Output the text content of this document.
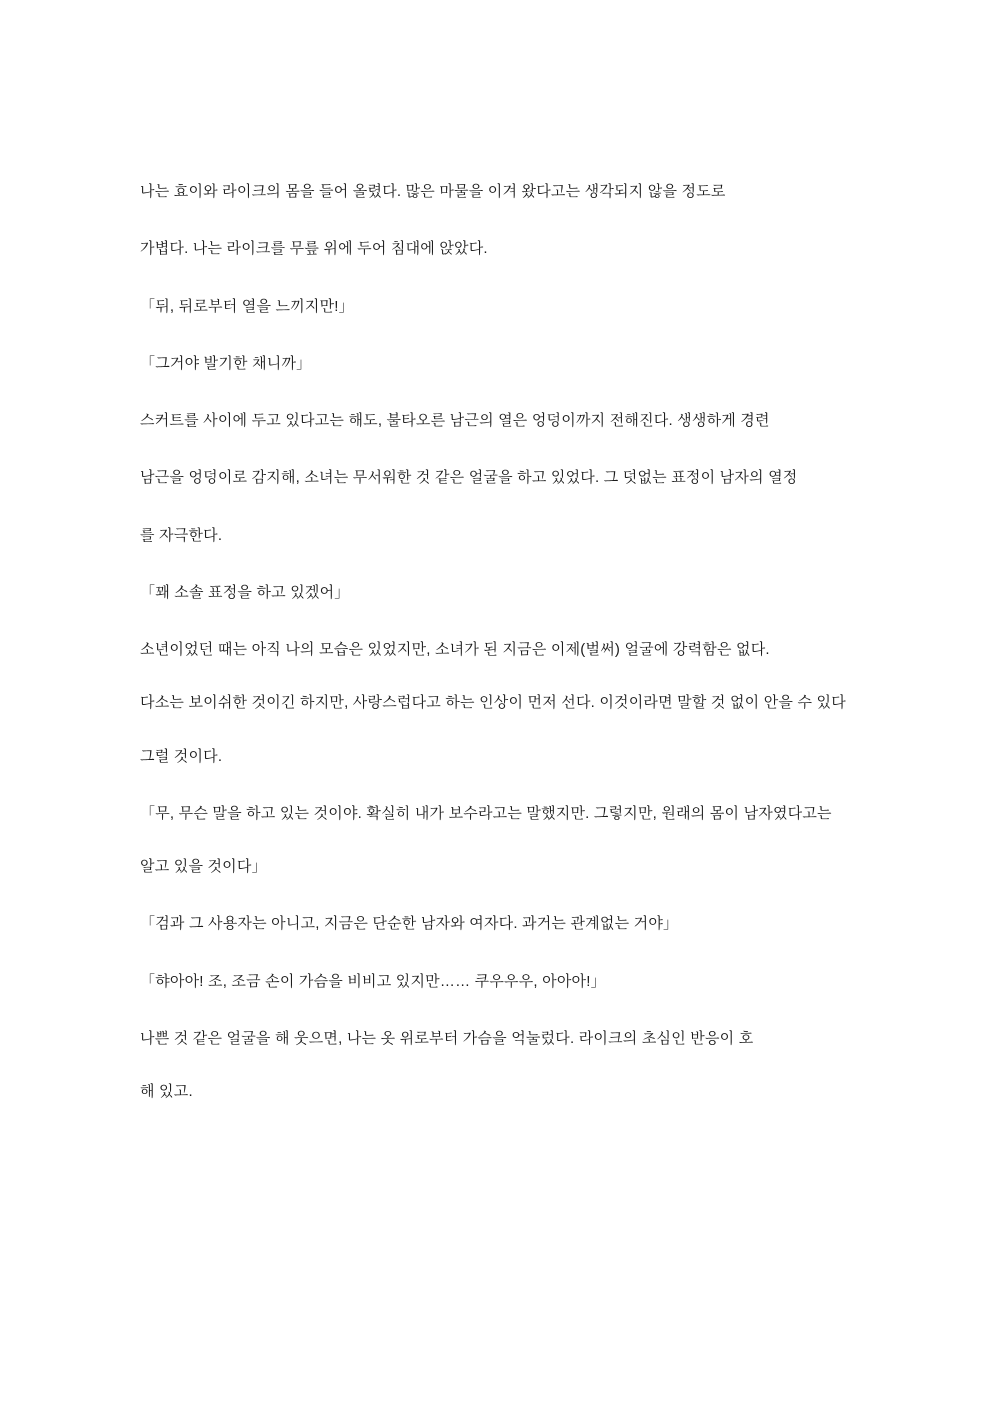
나는 효이와 라이크의 몸을 들어 올렸다. 많은 마물을 이겨 왔다고는 생각되지 않을 정도로

가볍다. 나는 라이크를 무릎 위에 두어 침대에 앉았다.

「뒤, 뒤로부터 열을 느끼지만!」

「그거야 발기한 채니까」

스커트를 사이에 두고 있다고는 해도, 불타오른 남근의 열은 엉덩이까지 전해진다. 생생하게 경련

남근을 엉덩이로 감지해, 소녀는 무서워한 것 같은 얼굴을 하고 있었다. 그 덧없는 표정이 남자의 열정

를 자극한다.

「꽤 소솔 표정을 하고 있겠어」

소년이었던 때는 아직 나의 모습은 있었지만, 소녀가 된 지금은 이제(벌써) 얼굴에 강력함은 없다.

다소는 보이쉬한 것이긴 하지만, 사랑스럽다고 하는 인상이 먼저 선다. 이것이라면 말할 것 없이 안을 수 있다

그럴 것이다.

「무, 무슨 말을 하고 있는 것이야. 확실히 내가 보수라고는 말했지만. 그렇지만, 원래의 몸이 남자였다고는

알고 있을 것이다」

「검과 그 사용자는 아니고, 지금은 단순한 남자와 여자다. 과거는 관계없는 거야」

「햐아아! 조, 조금 손이 가슴을 비비고 있지만…… 쿠우우우, 아아아!」

나쁜 것 같은 얼굴을 해 웃으면, 나는 옷 위로부터 가슴을 억눌렀다. 라이크의 초심인 반응이 호

해 있고.
